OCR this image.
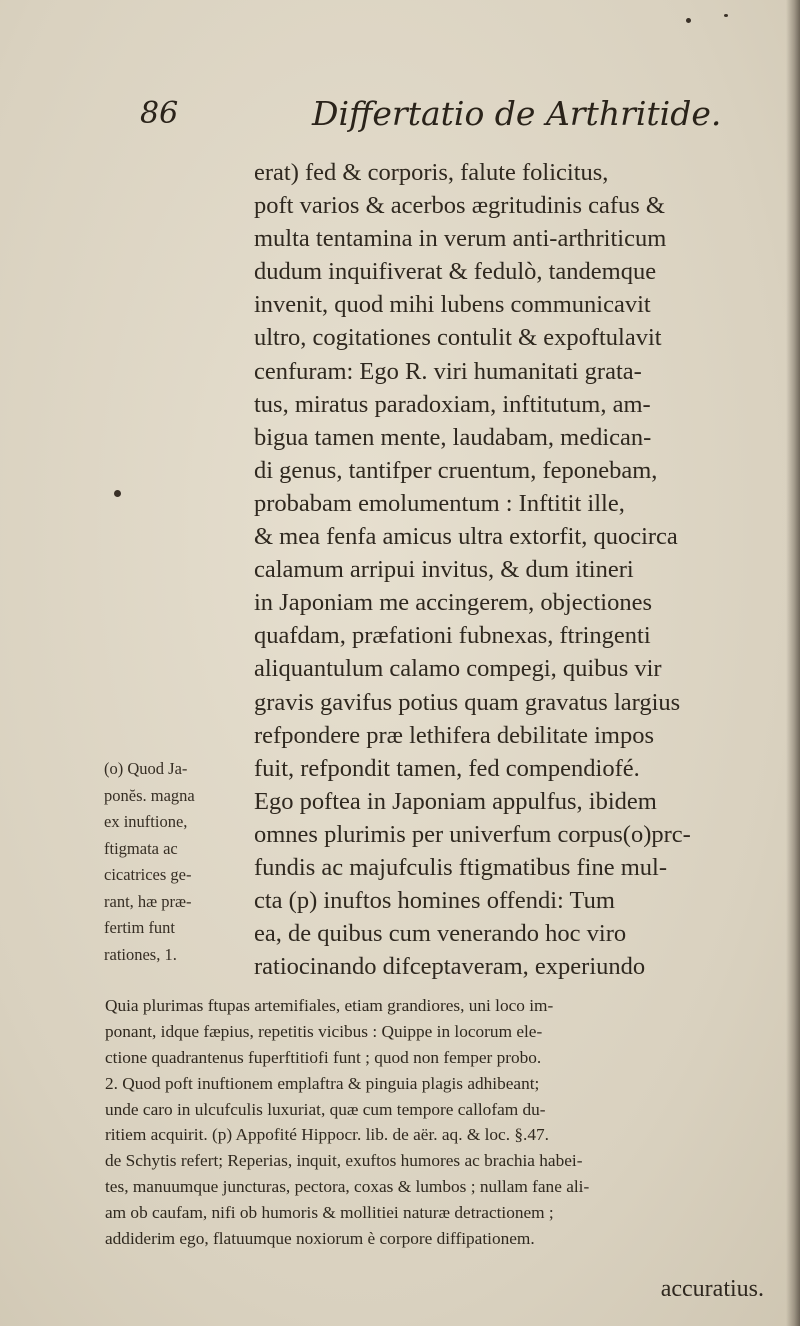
86	Differtatio de Arthritide.
erat) fed & corporis, falute folicitus,
poft varios & acerbos ægritudinis cafus &
multa tentamina in verum anti-arthriticum
dudum inquifiverat & fedulò, tandemque
invenit, quod mihi lubens communicavit
ultro, cogitationes contulit & expoftulavit
cenfuram: Ego R. viri humanitati grata-
tus, miratus paradoxiam, inftitutum, am-
bigua tamen mente, laudabam, medican-
di genus, tantifper cruentum, feponebam,
probabam emolumentum : Inftitit ille,
& mea fenfa amicus ultra extorfit, quocirca
calamum arripui invitus, & dum itineri
in Japoniam me accingerem, objectiones
quafdam, præfationi fubnexas, ftringenti
aliquantulum calamo compegi, quibus vir
gravis gavifus potius quam gravatus largius
refpondere præ lethifera debilitate impos
fuit, refpondit tamen, fed compendiofé.
Ego poftea in Japoniam appulfus, ibidem
omnes plurimis per univerfum corpus(o)prc-
fundis ac majufculis ftigmatibus fine mul-
cta (p) inuftos homines offendi: Tum
ea, de quibus cum venerando hoc viro
ratiocinando difceptaveram, experiundo
(o) Quod Ja-
ponĕs. magna
ex inuftione,
ftigmata ac
cicatrices ge-
rant, hæ præ-
fertim funt
rationes, 1.
Quia plurimas ftupas artemifiales, etiam grandiores, uni loco im-
ponant, idque fæpius, repetitis vicibus : Quippe in locorum ele-
ctione quadrantenus fuperftitiofi funt ; quod non femper probo.
2. Quod poft inuftionem emplaftra & pinguia plagis adhibeant;
unde caro in ulcufculis luxuriat, quæ cum tempore callofam du-
ritiem acquirit. (p) Appofité Hippocr. lib. de aër. aq. & loc. §.47.
de Schytis refert; Reperias, inquit, exuftos humores ac brachia habei-
tes, manuumque juncturas, pectora, coxas & lumbos ; nullam fane ali-
am ob caufam, nifi ob humoris & mollitiei naturæ detractionem ;
addiderim ego, flatuumque noxiorum è corpore diffipationem.
accuratius.
